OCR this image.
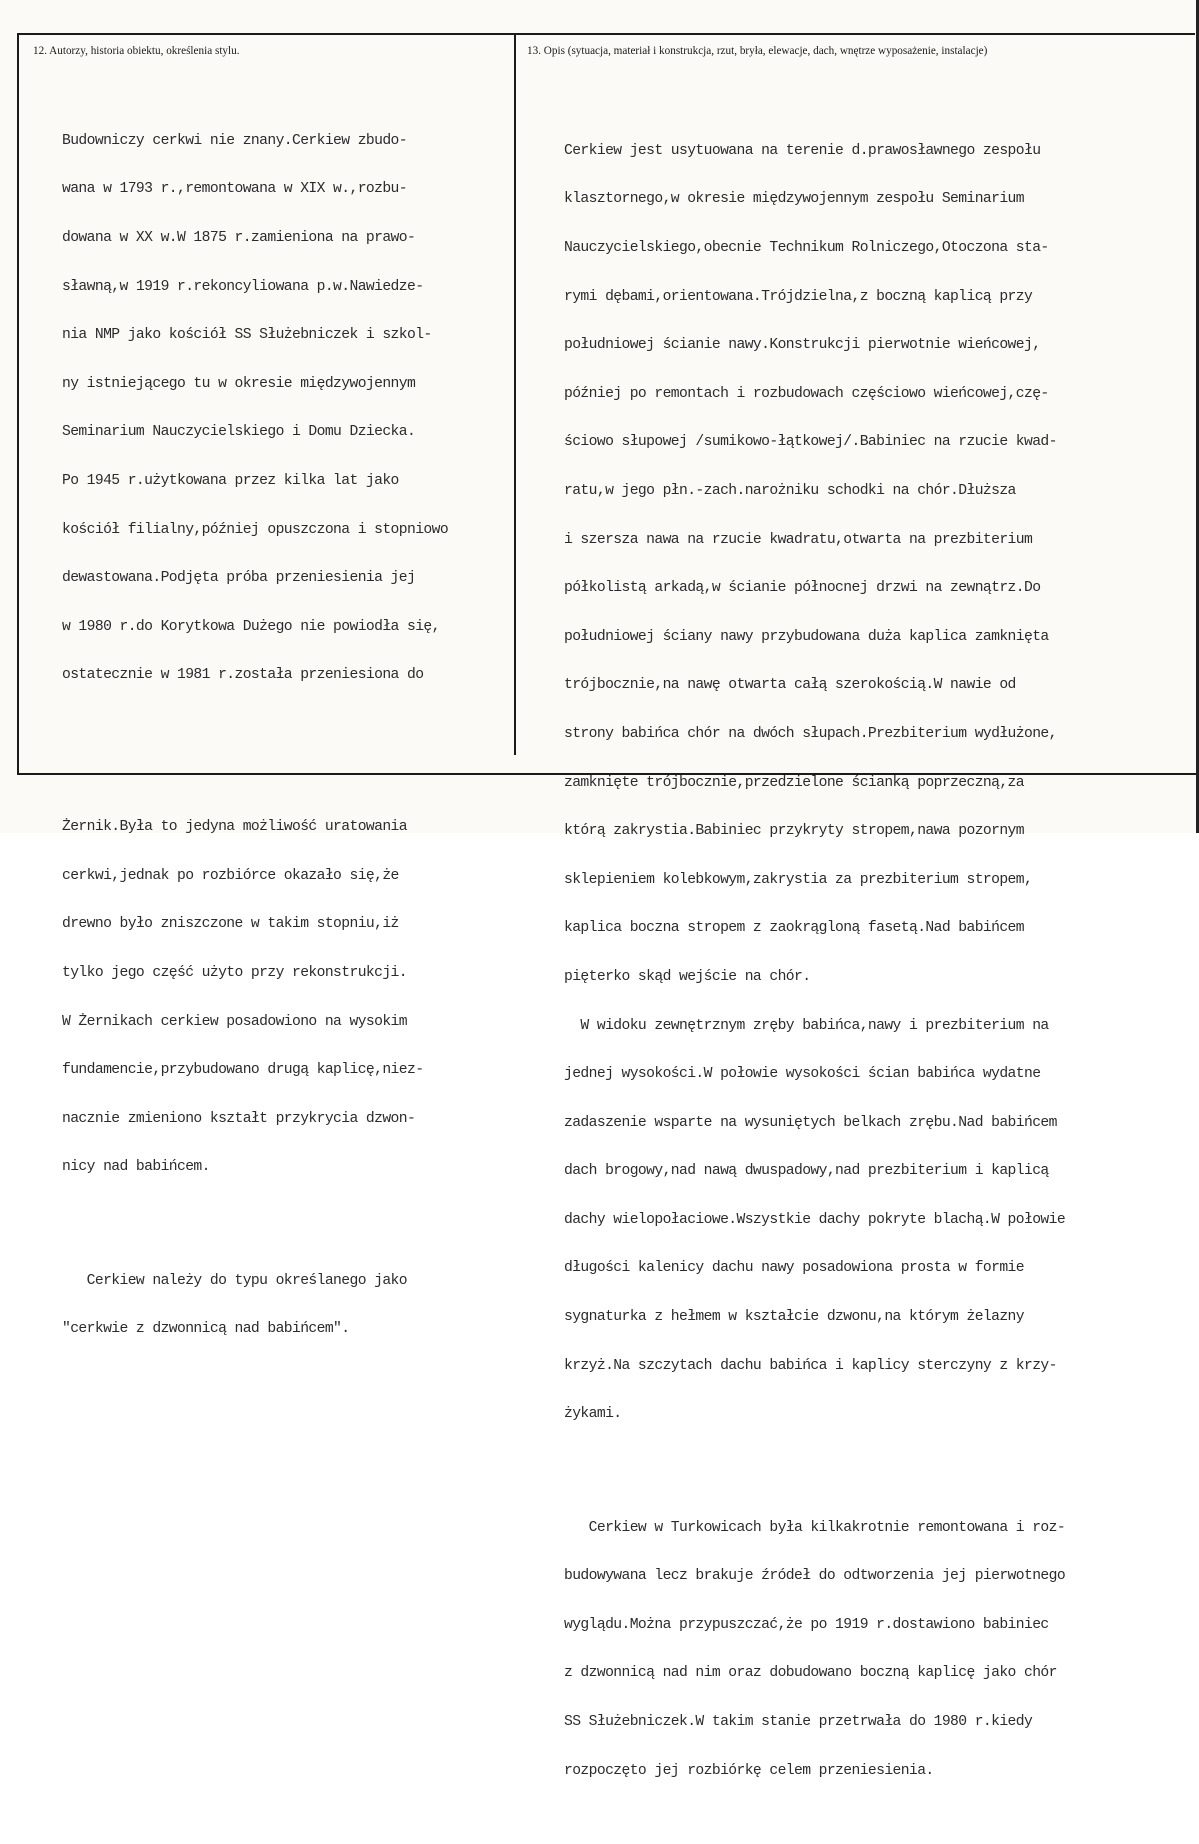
12. Autorzy, historia obiektu, określenia stylu.	13. Opis (sytuacja, materiał i konstrukcja, rzut, bryła, elewacje, dach, wnętrze wyposażenie, instalacje)

Budowniczy cerkwi nie znany.Cerkiew zbudo-

wana w 1793 r.,remontowana w XIX w.,rozbu-

dowana w XX w.W 1875 r.zamieniona na prawo-

sławną,w 1919 r.rekoncyliowana p.w.Nawiedze-

nia NMP jako kościół SS Służebniczek i szkol-

ny istniejącego tu w okresie międzywojennym

Seminarium Nauczycielskiego i Domu Dziecka.

Po 1945 r.użytkowana przez kilka lat jako

kościół filialny,później opuszczona i stopniowo

dewastowana.Podjęta próba przeniesienia jej

w 1980 r.do Korytkowa Dużego nie powiodła się,

ostatecznie w 1981 r.została przeniesiona do

Żernik.Była to jedyna możliwość uratowania

cerkwi,jednak po rozbiórce okazało się,że

drewno było zniszczone w takim stopniu,iż

tylko jego część użyto przy rekonstrukcji.

W Żernikach cerkiew posadowiono na wysokim

fundamencie,przybudowano drugą kaplicę,niez-

nacznie zmieniono kształt przykrycia dzwon-

nicy nad babińcem.

Cerkiew należy do typu określanego jako

"cerkwie z dzwonnicą nad babińcem".

Cerkiew jest usytuowana na terenie d.prawosławnego zespołu

klasztornego,w okresie międzywojennym zespołu Seminarium

Nauczycielskiego,obecnie Technikum Rolniczego,Otoczona sta-

rymi dębami,orientowana.Trójdzielna,z boczną kaplicą przy

południowej ścianie nawy.Konstrukcji pierwotnie wieńcowej,

później po remontach i rozbudowach częściowo wieńcowej,czę-

ściowo słupowej /sumikowo-łątkowej/.Babiniec na rzucie kwad-

ratu,w jego płn.-zach.narożniku schodki na chór.Dłuższa

i szersza nawa na rzucie kwadratu,otwarta na prezbiterium

półkolistą arkadą,w ścianie północnej drzwi na zewnątrz.Do

południowej ściany nawy przybudowana duża kaplica zamknięta

trójbocznie,na nawę otwarta całą szerokością.W nawie od

strony babińca chór na dwóch słupach.Prezbiterium wydłużone,

zamknięte trójbocznie,przedzielone ścianką poprzeczną,za

którą zakrystia.Babiniec przykryty stropem,nawa pozornym

sklepieniem kolebkowym,zakrystia za prezbiterium stropem,

kaplica boczna stropem z zaokrągloną fasetą.Nad babińcem

pięterko skąd wejście na chór.

W widoku zewnętrznym zręby babińca,nawy i prezbiterium na

jednej wysokości.W połowie wysokości ścian babińca wydatne

zadaszenie wsparte na wysuniętych belkach zrębu.Nad babińcem

dach brogowy,nad nawą dwuspadowy,nad prezbiterium i kaplicą

dachy wielopołaciowe.Wszystkie dachy pokryte blachą.W połowie

długości kalenicy dachu nawy posadowiona prosta w formie

sygnaturka z hełmem w kształcie dzwonu,na którym żelazny

krzyż.Na szczytach dachu babińca i kaplicy sterczyny z krzy-

żykami.

Cerkiew w Turkowicach była kilkakrotnie remontowana i roz-

budowywana lecz brakuje źródeł do odtworzenia jej pierwotnego

wyglądu.Można przypuszczać,że po 1919 r.dostawiono babiniec

z dzwonnicą nad nim oraz dobudowano boczną kaplicę jako chór

SS Służebniczek.W takim stanie przetrwała do 1980 r.kiedy

rozpoczęto jej rozbiórkę celem przeniesienia.
